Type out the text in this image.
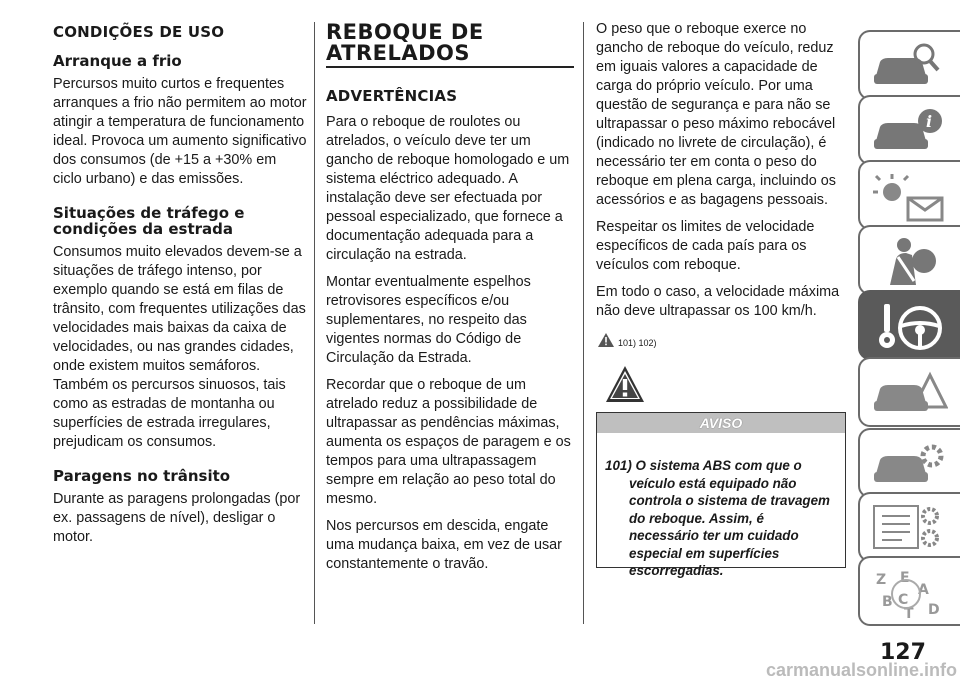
CONDIÇÕES DE USO
Arranque a frio

Percursos muito curtos e frequentes arranques a frio não permitem ao motor atingir a temperatura de funcionamento ideal. Provoca um aumento significativo dos consumos (de +15 a +30% em ciclo urbano) e das emissões.

Situações de tráfego e condições da estrada

Consumos muito elevados devem-se a situações de tráfego intenso, por exemplo quando se está em filas de trânsito, com frequentes utilizações das velocidades mais baixas da caixa de velocidades, ou nas grandes cidades, onde existem muitos semáforos. Também os percursos sinuosos, tais como as estradas de montanha ou superfícies de estrada irregulares, prejudicam os consumos.

Paragens no trânsito

Durante as paragens prolongadas (por ex. passagens de nível), desligar o motor.

REBOQUE DE ATRELADOS
ADVERTÊNCIAS

Para o reboque de roulotes ou atrelados, o veículo deve ter um gancho de reboque homologado e um sistema eléctrico adequado. A instalação deve ser efectuada por pessoal especializado, que fornece a documentação adequada para a circulação na estrada.

Montar eventualmente espelhos retrovisores específicos e/ou suplementares, no respeito das vigentes normas do Código de Circulação da Estrada.

Recordar que o reboque de um atrelado reduz a possibilidade de ultrapassar as pendências máximas, aumenta os espaços de paragem e os tempos para uma ultrapassagem sempre em relação ao peso total do mesmo.

Nos percursos em descida, engate uma mudança baixa, em vez de usar constantemente o travão.

O peso que o reboque exerce no gancho de reboque do veículo, reduz em iguais valores a capacidade de carga do próprio veículo. Por uma questão de segurança e para não se ultrapassar o peso máximo rebocável (indicado no livrete de circulação), é necessário ter em conta o peso do reboque em plena carga, incluindo os acessórios e as bagagens pessoais.

Respeitar os limites de velocidade específicos de cada país para os veículos com reboque.

Em todo o caso, a velocidade máxima não deve ultrapassar os 100 km/h.

101) 102)
AVISO
101) O sistema ABS com que o
veículo está equipado não controla o sistema de travagem do reboque. Assim, é necessário ter um cuidado especial em superfícies escorregadias.
i
Z E
A
B C
T D
127
carmanualsonline.info
